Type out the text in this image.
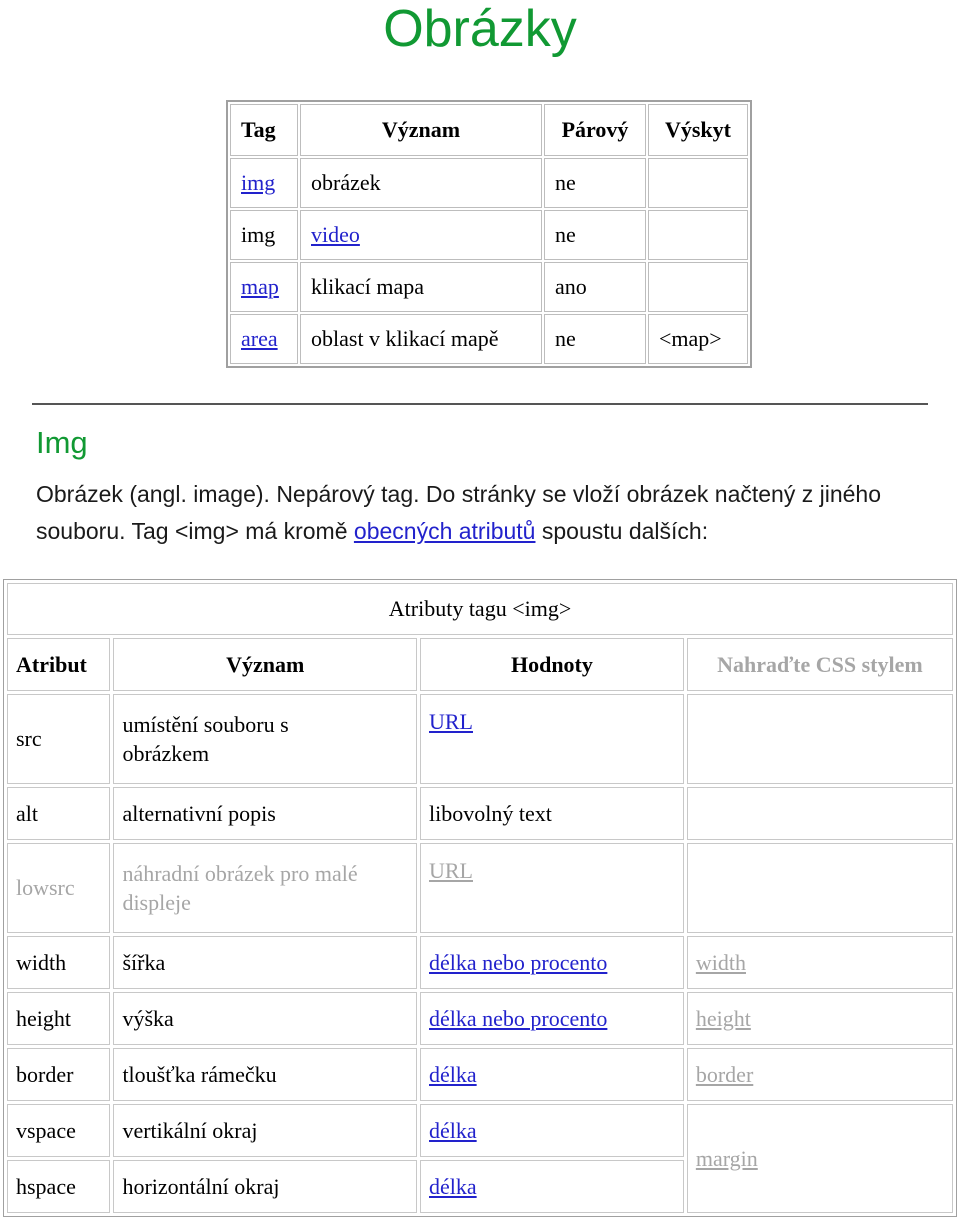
Obrázky
Tag	Význam	Párový	Výskyt
img	obrázek	ne	
img	video	ne	
map	klikací mapa	ano	
area	oblast v klikací mapě	ne	<map>
Img

Obrázek (angl. image). Nepárový tag. Do stránky se vloží obrázek načtený z jiného souboru. Tag <img> má kromě obecných atributů spoustu dalších:

Atributy tagu <img>			
Atribut	Význam	Hodnoty	Nahraďte CSS stylem
src	umístění souboru s obrázkem	URL	
alt	alternativní popis	libovolný text	
lowsrc	náhradní obrázek pro malé displeje	URL	
width	šířka	délka nebo procento	width
height	výška	délka nebo procento	height
border	tloušťka rámečku	délka	border
vspace	vertikální okraj	délka	margin
hspace	horizontální okraj	délka	
